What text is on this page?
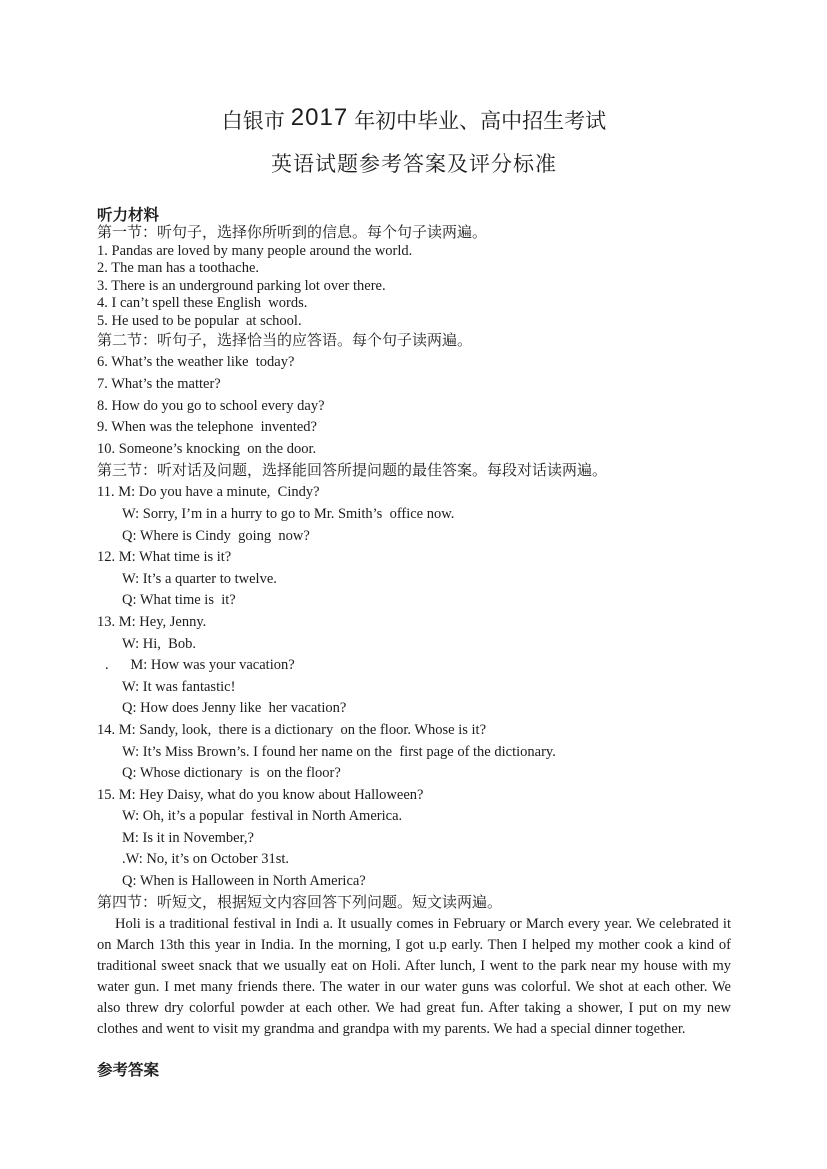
白银市 2017 年初中毕业、高中招生考试
英语试题参考答案及评分标准
听力材料
第一节：听句子，选择你所听到的信息。每个句子读两遍。
1. Pandas are loved by many people around the world.
2. The man has a toothache.
3. There is an underground parking lot over there.
4. I can’t spell these English  words.
5. He used to be popular  at school.
第二节：听句子，选择恰当的应答语。每个句子读两遍。
6. What’s the weather like  today?
7. What’s the matter?
8. How do you go to school every day?
9. When was the telephone  invented?
10. Someone’s knocking  on the door.
第三节：听对话及问题，选择能回答所提问题的最佳答案。每段对话读两遍。
11. M: Do you have a minute,  Cindy?
W: Sorry, I’m in a hurry to go to Mr. Smith’s  office now.
Q: Where is Cindy  going  now?
12. M: What time is it?
W: It’s a quarter to twelve.
Q: What time is  it?
13. M: Hey, Jenny.
W: Hi,  Bob.
.      M: How was your vacation?
W: It was fantastic!
Q: How does Jenny like  her vacation?
14. M: Sandy, look,  there is a dictionary  on the floor. Whose is it?
W: It’s Miss Brown’s. I found her name on the  first page of the dictionary.
Q: Whose dictionary  is  on the floor?
15. M: Hey Daisy, what do you know about Halloween?
W: Oh, it’s a popular  festival in North America.
M: Is it in November,?
.W: No, it’s on October 31st.
Q: When is Halloween in North America?
第四节：听短文，根据短文内容回答下列问题。短文读两遍。
Holi is a traditional festival in Indi a. It usually comes in February or March every year. We celebrated it on March 13th this year in India. In the morning, I got u.p early. Then I helped my mother cook a kind of traditional sweet snack that we usually eat on Holi. After lunch, I went to the park near my house with my water gun. I met many friends there. The water in our water guns was colorful. We shot at each other. We also threw dry colorful powder at each other. We had great fun. After taking a shower, I put on my new clothes and went to visit my grandma and grandpa with my parents. We had a special dinner together.
参考答案
